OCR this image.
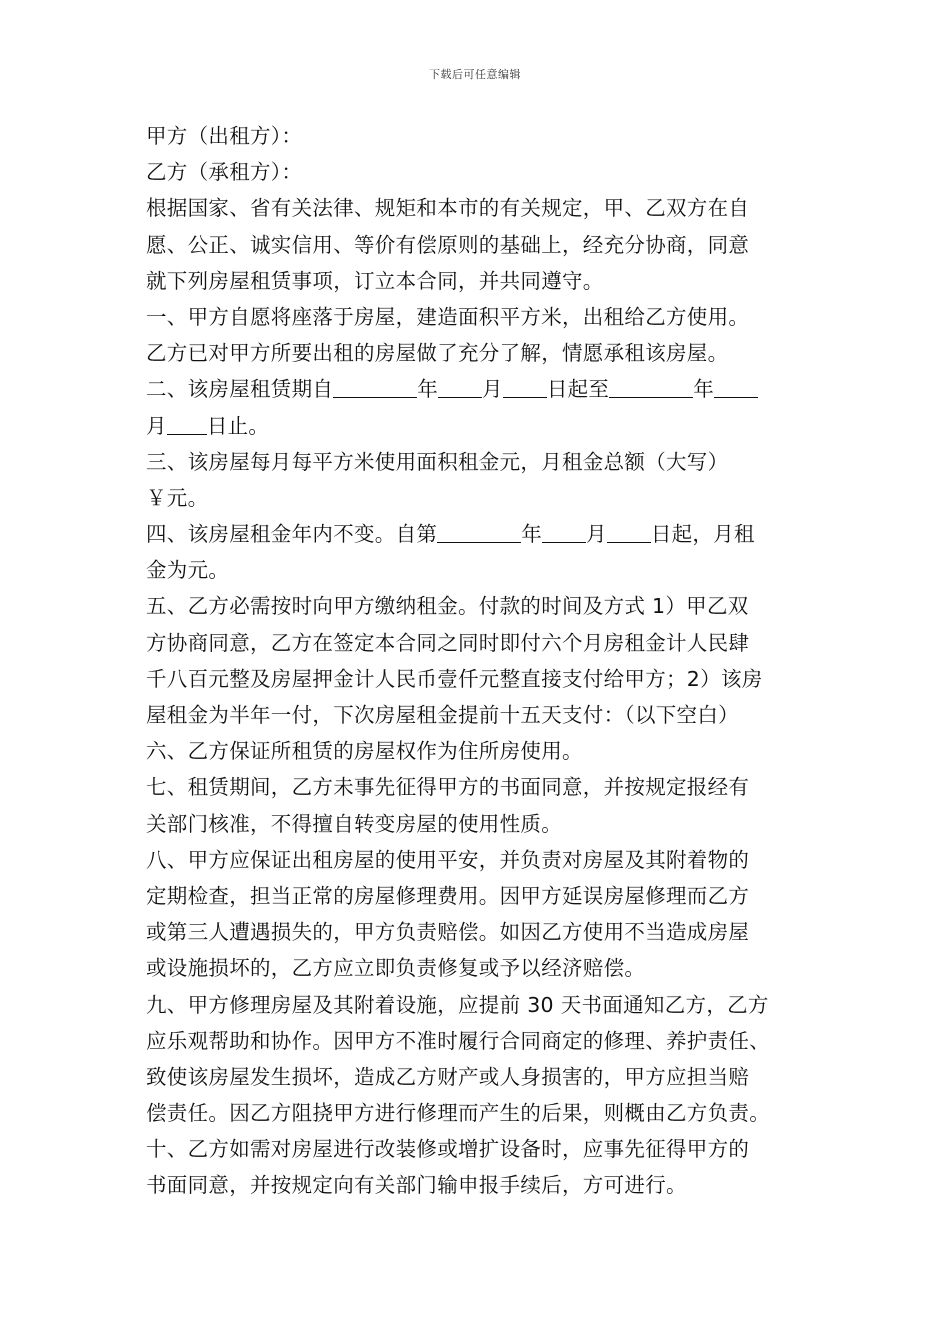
下载后可任意编辑
甲方（出租方）：
乙方（承租方）：
根据国家、省有关法律、规矩和本市的有关规定，甲、乙双方在自
愿、公正、诚实信用、等价有偿原则的基础上，经充分协商，同意
就下列房屋租赁事项，订立本合同，并共同遵守。
一、甲方自愿将座落于房屋，建造面积平方米，出租给乙方使用。
乙方已对甲方所要出租的房屋做了充分了解，情愿承租该房屋。
二、该房屋租赁期自	年 月 日起至	年
月 日止。
三、该房屋每月每平方米使用面积租金元，月租金总额（大写）
￥元。
四、该房屋租金年内不变。自第	年 月 日起，月租
金为元。
五、乙方必需按时向甲方缴纳租金。付款的时间及方式 1）甲乙双
方协商同意，乙方在签定本合同之同时即付六个月房租金计人民肆
千八百元整及房屋押金计人民币壹仟元整直接支付给甲方；2）该房
屋租金为半年一付，下次房屋租金提前十五天支付：（以下空白）
六、乙方保证所租赁的房屋权作为住所房使用。
七、租赁期间，乙方未事先征得甲方的书面同意，并按规定报经有
关部门核准，不得擅自转变房屋的使用性质。
八、甲方应保证出租房屋的使用平安，并负责对房屋及其附着物的
定期检查，担当正常的房屋修理费用。因甲方延误房屋修理而乙方
或第三人遭遇损失的，甲方负责赔偿。如因乙方使用不当造成房屋
或设施损坏的，乙方应立即负责修复或予以经济赔偿。
九、甲方修理房屋及其附着设施，应提前 30 天书面通知乙方，乙方
应乐观帮助和协作。因甲方不准时履行合同商定的修理、养护责任、
致使该房屋发生损坏，造成乙方财产或人身损害的，甲方应担当赔
偿责任。因乙方阻挠甲方进行修理而产生的后果，则概由乙方负责。
十、乙方如需对房屋进行改装修或增扩设备时，应事先征得甲方的
书面同意，并按规定向有关部门输申报手续后，方可进行。
